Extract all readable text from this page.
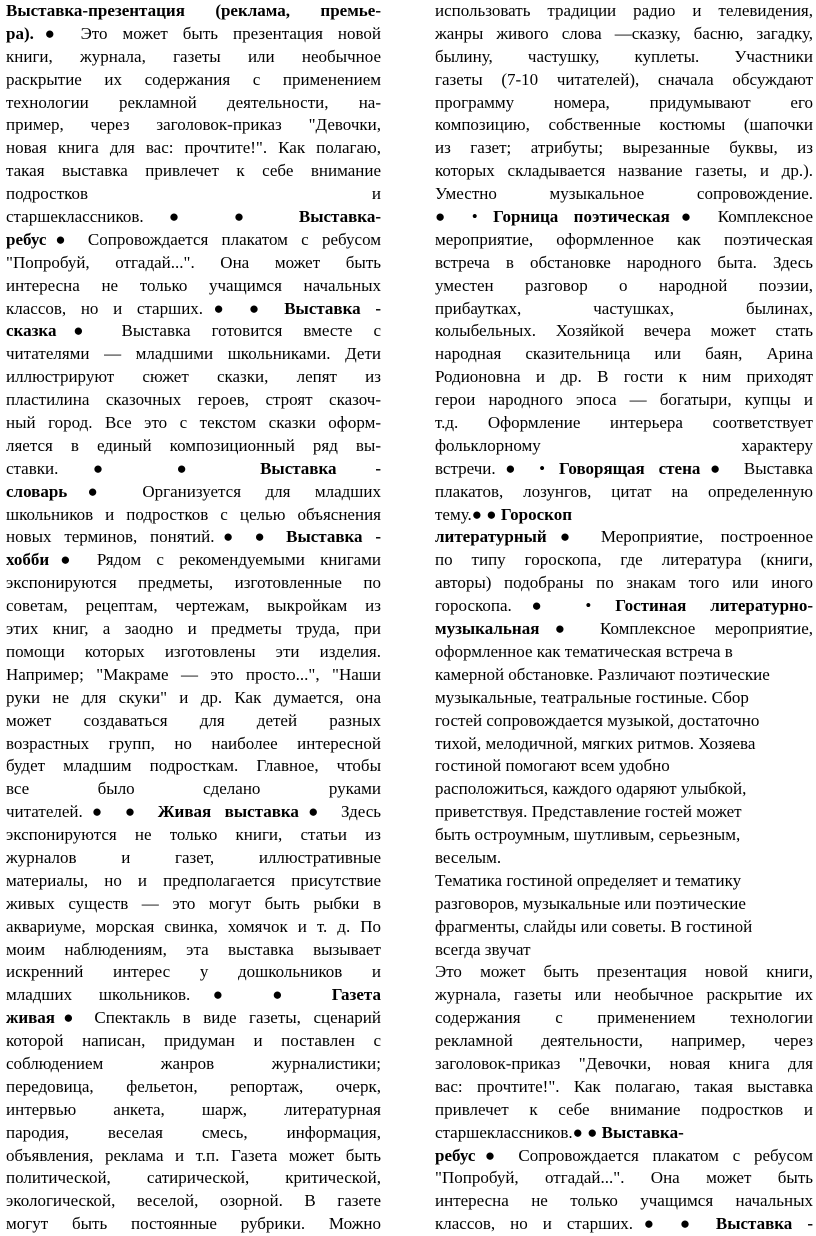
Выставка-презентация (реклама, премье-
ра).● Это может быть презентация новой
книги, журнала, газеты или необычное
раскрытие их содержания с применением
технологии рекламной деятельности, на-
пример, через заголовок-приказ "Девочки,
новая книга для вас: прочтите!". Как полагаю,
такая выставка привлечет к себе внимание
подростков и
старшеклассников.● ● Выставка-
ребус● Сопровождается плакатом с ребусом
"Попробуй, отгадай...". Она может быть
интересна не только учащимся начальных
классов, но и старших.● ● Выставка -
сказка● Выставка готовится вместе с
читателями — младшими школьниками. Дети
иллюстрируют сюжет сказки, лепят из
пластилина сказочных героев, строят сказоч-
ный город. Все это с текстом сказки оформ-
ляется в единый композиционный ряд вы-
ставки.● ● Выставка -
словарь● Организуется для младших
школьников и подростков с целью объяснения
новых терминов, понятий.● ● Выставка -
хобби● Рядом с рекомендуемыми книгами
экспонируются предметы, изготовленные по
советам, рецептам, чертежам, выкройкам из
этих книг, а заодно и предметы труда, при
помощи которых изготовлены эти изделия.
Например; "Макраме — это просто...", "Наши
руки не для скуки" и др. Как думается, она
может создаваться для детей разных
возрастных групп, но наиболее интересной
будет младшим подросткам. Главное, чтобы
все было сделано руками
читателей.● ● Живая выставка● Здесь
экспонируются не только книги, статьи из
журналов и газет, иллюстративные
материалы, но и предполагается присутствие
живых существ — это могут быть рыбки в
аквариуме, морская свинка, хомячок и т. д. По
моим наблюдениям, эта выставка вызывает
искренний интерес у дошкольников и
младших школьников.● ● Газета
живая● Спектакль в виде газеты, сценарий
которой написан, придуман и поставлен с
соблюдением жанров журналистики;
передовица, фельетон, репортаж, очерк,
интервью анкета, шарж, литературная
пародия, веселая смесь, информация,
объявления, реклама и т.п. Газета может быть
политической, сатирической, критической,
экологической, веселой, озорной. В газете
могут быть постоянные рубрики. Можно
использовать традиции радио и телевидения,
жанры живого слова —сказку, басню, загадку,
былину, частушку, куплеты. Участники
газеты (7-10 читателей), сначала обсуждают
программу номера, придумывают его
композицию, собственные костюмы (шапочки
из газет; атрибуты; вырезанные буквы, из
которых складывается название газеты, и др.).
Уместно музыкальное сопровождение.
● • Горница поэтическая● Комплексное
мероприятие, оформленное как поэтическая
встреча в обстановке народного быта. Здесь
уместен разговор о народной поэзии,
прибаутках, частушках, былинах,
колыбельных. Хозяйкой вечера может стать
народная сказительница или баян, Арина
Родионовна и др. В гости к ним приходят
герои народного эпоса — богатыри, купцы и
т.д. Оформление интерьера соответствует
фольклорному характеру
встречи.● • Говорящая стена● Выставка
плакатов, лозунгов, цитат на определенную
тему.● ● Гороскоп
литературный● Мероприятие, построенное
по типу гороскопа, где литература (книги,
авторы) подобраны по знакам того или иного
гороскопа.● • Гостиная литературно-
музыкальная● Комплексное мероприятие,
оформленное как тематическая встреча в
камерной обстановке. Различают поэтические
музыкальные, театральные гостиные. Сбор
гостей сопровождается музыкой, достаточно
тихой, мелодичной, мягких ритмов. Хозяева
гостиной помогают всем удобно
расположиться, каждого одаряют улыбкой,
приветствуя. Представление гостей может
быть остроумным, шутливым, серьезным,
веселым.
Тематика гостиной определяет и тематику
разговоров, музыкальные или поэтические
фрагменты, слайды или советы. В гостиной
всегда звучат
Это может быть презентация новой книги,
журнала, газеты или необычное раскрытие их
содержания с применением технологии
рекламной деятельности, например, через
заголовок-приказ "Девочки, новая книга для
вас: прочтите!". Как полагаю, такая выставка
привлечет к себе внимание подростков и
старшеклассников.● ● Выставка-
ребус● Сопровождается плакатом с ребусом
"Попробуй, отгадай...". Она может быть
интересна не только учащимся начальных
классов, но и старших.● ● Выставка -
